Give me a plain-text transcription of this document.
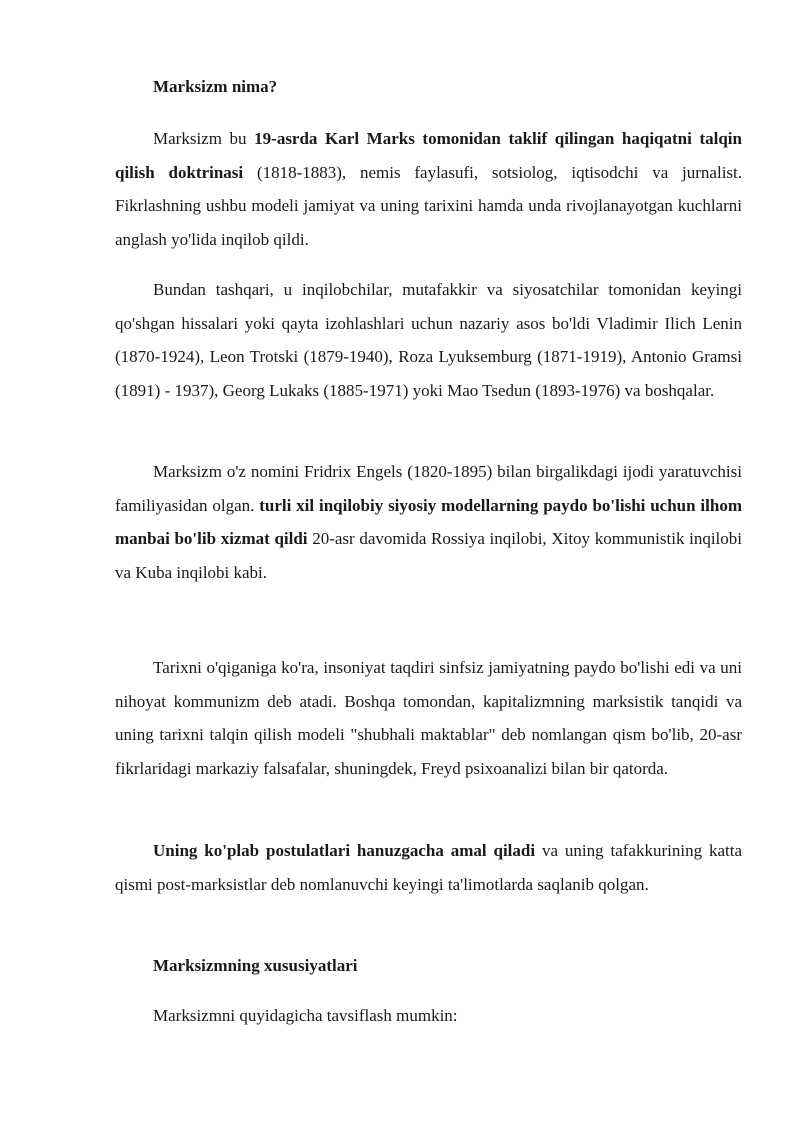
Marksizm nima?

Marksizm bu 19-asrda Karl Marks tomonidan taklif qilingan haqiqatni talqin qilish doktrinasi (1818-1883), nemis faylasufi, sotsiolog, iqtisodchi va jurnalist. Fikrlashning ushbu modeli jamiyat va uning tarixini hamda unda rivojlanayotgan kuchlarni anglash yo'lida inqilob qildi.

Bundan tashqari, u inqilobchilar, mutafakkir va siyosatchilar tomonidan keyingi qo'shgan hissalari yoki qayta izohlashlari uchun nazariy asos bo'ldi Vladimir Ilich Lenin (1870-1924), Leon Trotski (1879-1940), Roza Lyuksemburg (1871-1919), Antonio Gramsi (1891) - 1937), Georg Lukaks (1885-1971) yoki Mao Tsedun (1893-1976) va boshqalar.

Marksizm o'z nomini Fridrix Engels (1820-1895) bilan birgalikdagi ijodi yaratuvchisi familiyasidan olgan. turli xil inqilobiy siyosiy modellarning paydo bo'lishi uchun ilhom manbai bo'lib xizmat qildi 20-asr davomida Rossiya inqilobi, Xitoy kommunistik inqilobi va Kuba inqilobi kabi.

Tarixni o'qiganiga ko'ra, insoniyat taqdiri sinfsiz jamiyatning paydo bo'lishi edi va uni nihoyat kommunizm deb atadi. Boshqa tomondan, kapitalizmning marksistik tanqidi va uning tarixni talqin qilish modeli "shubhali maktablar" deb nomlangan qism bo'lib, 20-asr fikrlaridagi markaziy falsafalar, shuningdek, Freyd psixoanalizi bilan bir qatorda.

Uning ko'plab postulatlari hanuzgacha amal qiladi va uning tafakkurining katta qismi post-marksistlar deb nomlanuvchi keyingi ta'limotlarda saqlanib qolgan.

Marksizmning xususiyatlari

Marksizmni quyidagicha tavsiflash mumkin:
